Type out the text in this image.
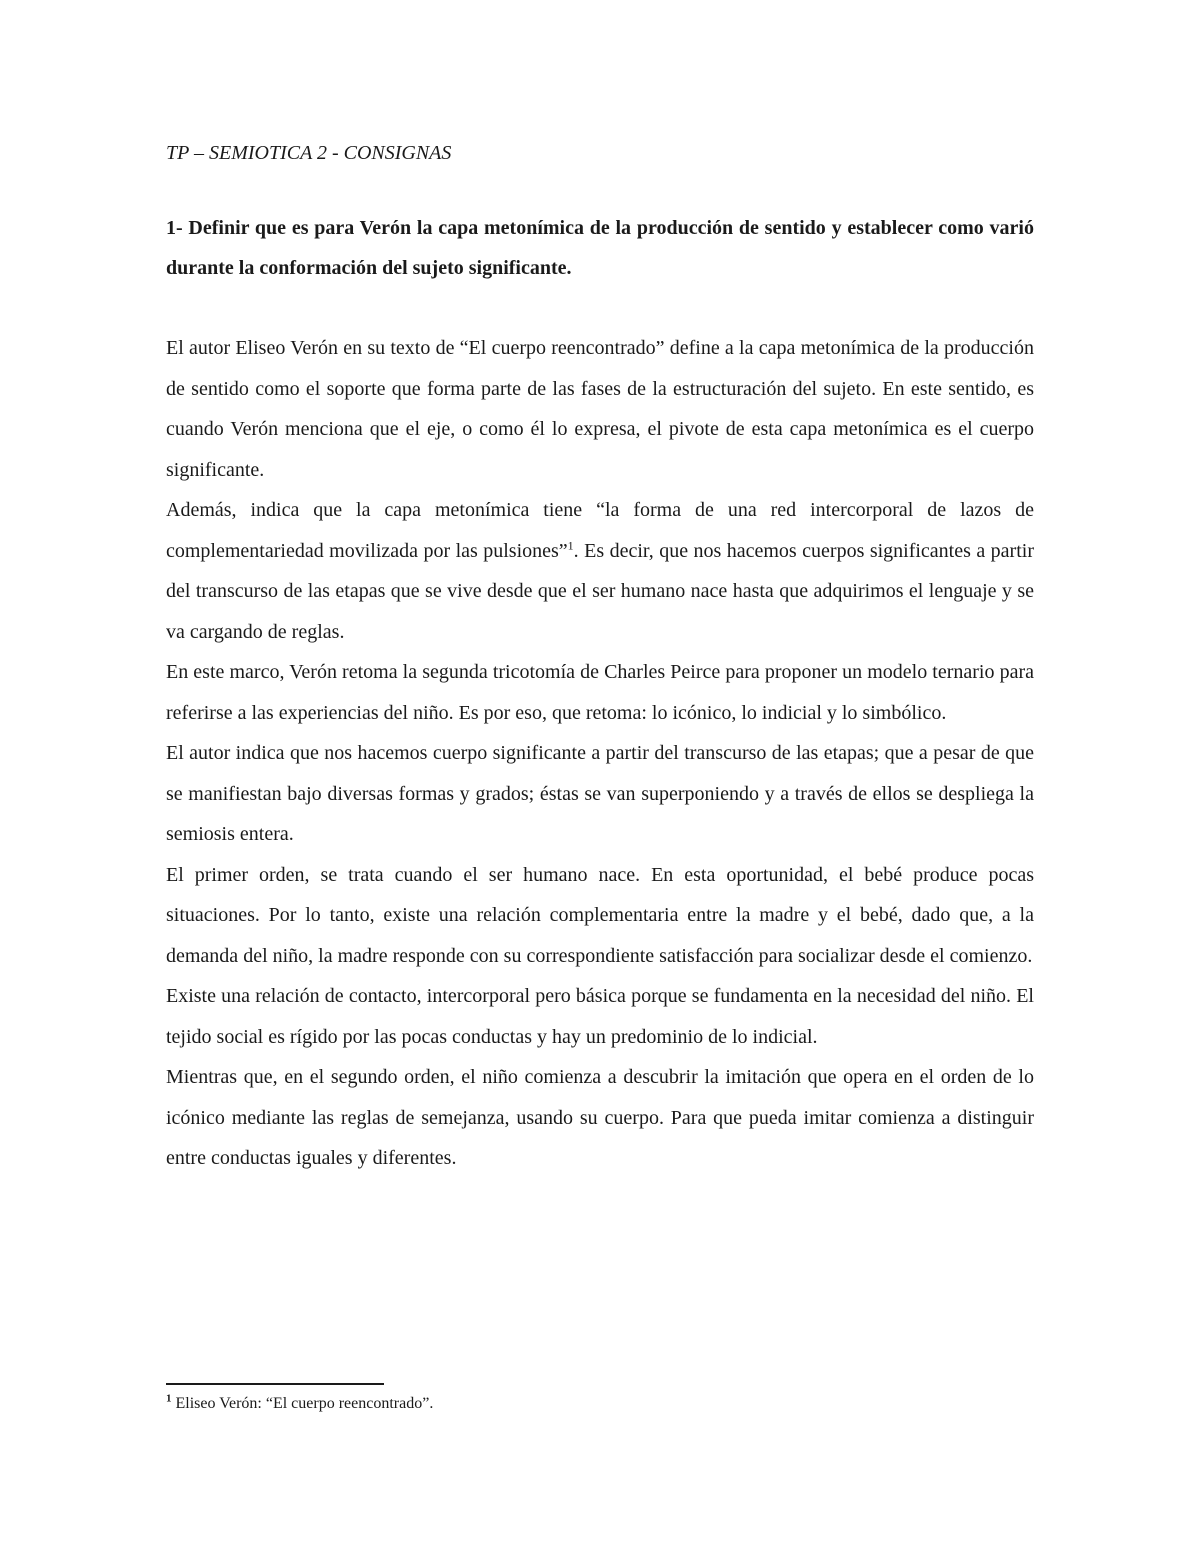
TP – SEMIOTICA 2 - CONSIGNAS

1- Definir que es para Verón la capa metonímica de la producción de sentido y establecer como varió durante la conformación del sujeto significante.

El autor Eliseo Verón en su texto de “El cuerpo reencontrado” define a la capa metonímica de la producción de sentido como el soporte que forma parte de las fases de la estructuración del sujeto. En este sentido, es cuando Verón menciona que el eje, o como él lo expresa, el pivote de esta capa metonímica es el cuerpo significante.

Además, indica que la capa metonímica tiene “la forma de una red intercorporal de lazos de complementariedad movilizada por las pulsiones”$^1$. Es decir, que nos hacemos cuerpos significantes a partir del transcurso de las etapas que se vive desde que el ser humano nace hasta que adquirimos el lenguaje y se va cargando de reglas.

En este marco, Verón retoma la segunda tricotomía de Charles Peirce para proponer un modelo ternario para referirse a las experiencias del niño. Es por eso, que retoma: lo icónico, lo indicial y lo simbólico.

El autor indica que nos hacemos cuerpo significante a partir del transcurso de las etapas; que a pesar de que se manifiestan bajo diversas formas y grados; éstas se van superponiendo y a través de ellos se despliega la semiosis entera.

El primer orden, se trata cuando el ser humano nace. En esta oportunidad, el bebé produce pocas situaciones. Por lo tanto, existe una relación complementaria entre la madre y el bebé, dado que, a la demanda del niño, la madre responde con su correspondiente satisfacción para socializar desde el comienzo.

Existe una relación de contacto, intercorporal pero básica porque se fundamenta en la necesidad del niño. El tejido social es rígido por las pocas conductas y hay un predominio de lo indicial.

Mientras que, en el segundo orden, el niño comienza a descubrir la imitación que opera en el orden de lo icónico mediante las reglas de semejanza, usando su cuerpo. Para que pueda imitar comienza a distinguir entre conductas iguales y diferentes.

$^1$ Eliseo Verón: “El cuerpo reencontrado”.
